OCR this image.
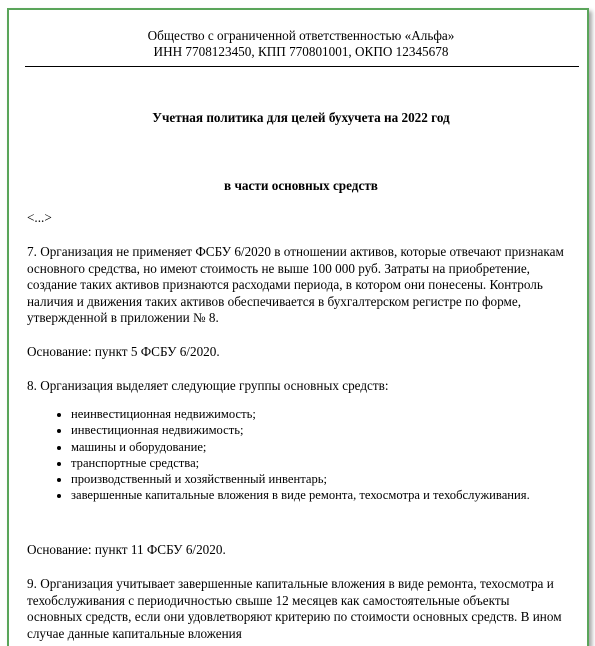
Общество с ограниченной ответственностью «Альфа»
ИНН 7708123450, КПП 770801001, ОКПО 12345678
Учетная политика для целей бухучета на 2022 год
в части основных средств
<...>
7. Организация не применяет ФСБУ 6/2020 в отношении активов, которые отвечают признакам основного средства, но имеют стоимость не выше 100 000 руб. Затраты на приобретение, создание таких активов признаются расходами периода, в котором они понесены. Контроль наличия и движения таких активов обеспечивается в бухгалтерском регистре по форме, утвержденной в приложении № 8.
Основание: пункт 5 ФСБУ 6/2020.
8. Организация выделяет следующие группы основных средств:
• неинвестиционная недвижимость;
• инвестиционная недвижимость;
• машины и оборудование;
• транспортные средства;
• производственный и хозяйственный инвентарь;
• завершенные капитальные вложения в виде ремонта, техосмотра и техобслуживания.
Основание: пункт 11 ФСБУ 6/2020.
9. Организация учитывает завершенные капитальные вложения в виде ремонта, техосмотра и техобслуживания с периодичностью свыше 12 месяцев как самостоятельные объекты основных средств, если они удовлетворяют критерию по стоимости основных средств. В ином случае данные капитальные вложения
